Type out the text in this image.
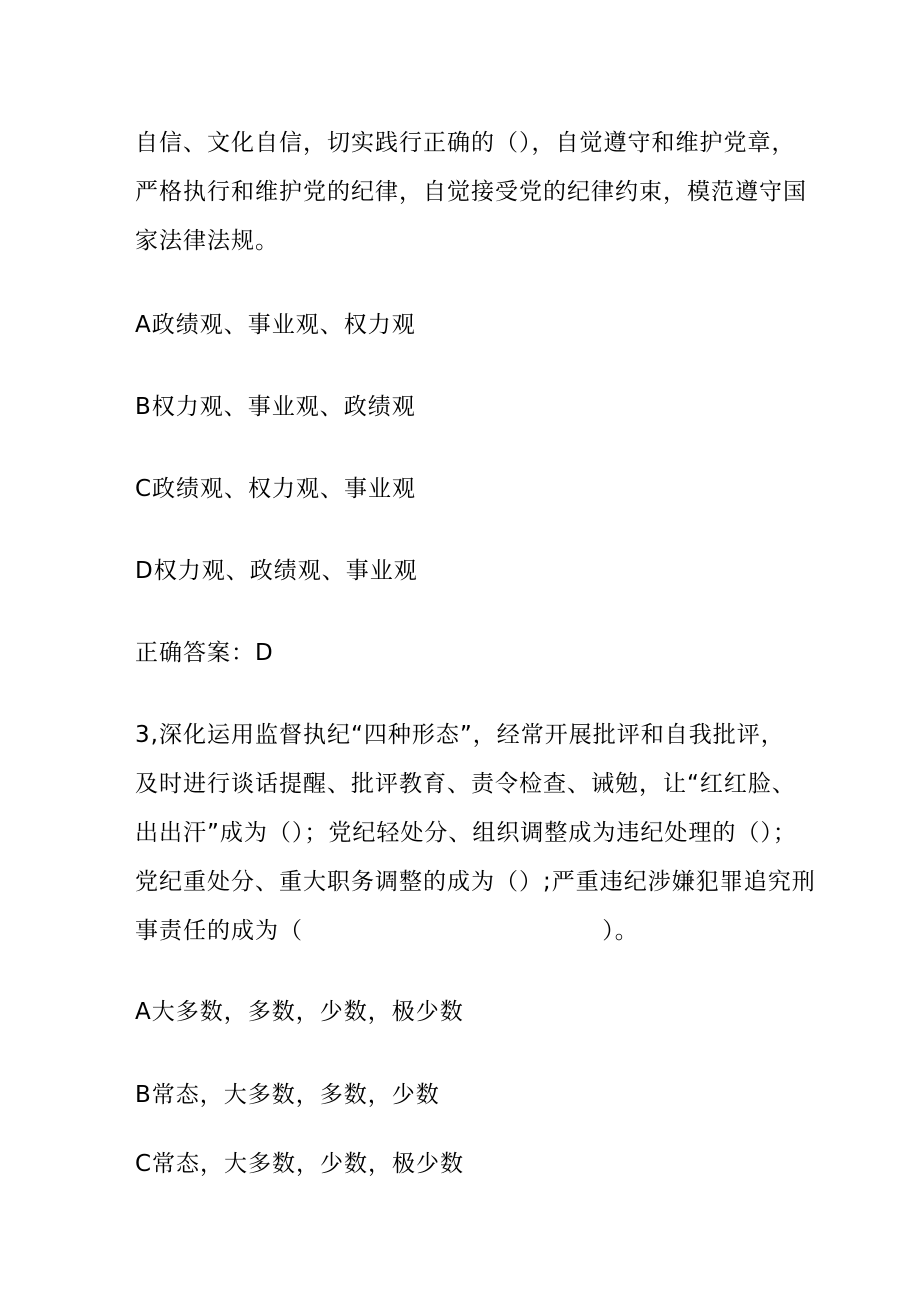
自信、文化自信，切实践行正确的（），自觉遵守和维护党章，
严格执行和维护党的纪律，自觉接受党的纪律约束，模范遵守国
家法律法规。
A政绩观、事业观、权力观
B权力观、事业观、政绩观
C政绩观、权力观、事业观
D权力观、政绩观、事业观
正确答案：D
3,深化运用监督执纪“四种形态”，经常开展批评和自我批评，
及时进行谈话提醒、批评教育、责令检查、诫勉，让“红红脸、
出出汗”成为（）；党纪轻处分、组织调整成为违纪处理的（）；
党纪重处分、重大职务调整的成为（）;严重违纪涉嫌犯罪追究刑
事责任的成为（                                    ）。
A大多数，多数，少数，极少数
B常态，大多数，多数，少数
C常态，大多数，少数，极少数
